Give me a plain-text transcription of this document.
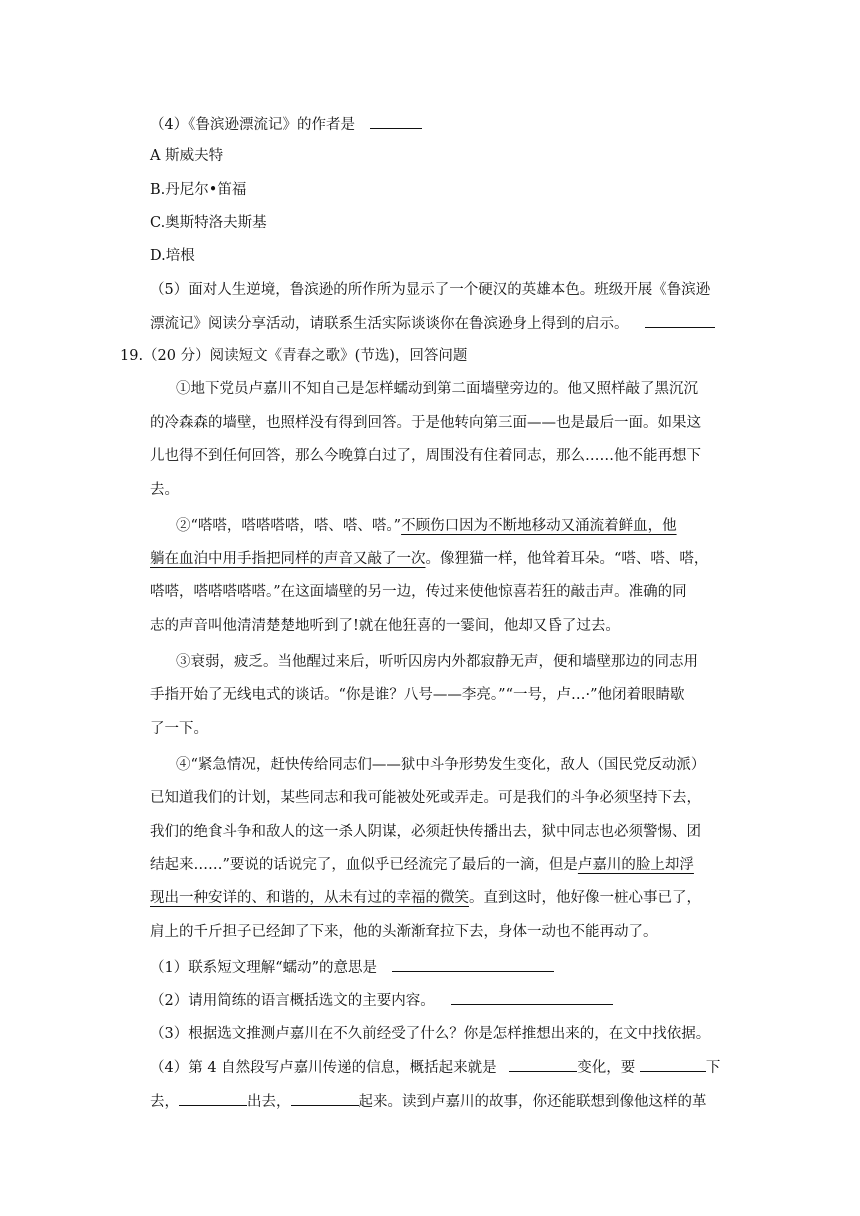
（4）《鲁滨逊漂流记》的作者是
A 斯威夫特
B.丹尼尔•笛福
C.奥斯特洛夫斯基
D.培根
（5）面对人生逆境，鲁滨逊的所作所为显示了一个硬汉的英雄本色。班级开展《鲁滨逊
漂流记》阅读分享活动，请联系生活实际谈谈你在鲁滨逊身上得到的启示。
19.（20 分）阅读短文《青春之歌》(节选)，回答问题
①地下党员卢嘉川不知自己是怎样蠕动到第二面墙壁旁边的。他又照样敲了黑沉沉
的冷森森的墙壁，也照样没有得到回答。于是他转向第三面——也是最后一面。如果这
儿也得不到任何回答，那么今晚算白过了，周围没有住着同志，那么……他不能再想下
去。
②“嗒嗒，嗒嗒嗒嗒，嗒、嗒、嗒。”不顾伤口因为不断地移动又涌流着鲜血，他
躺在血泊中用手指把同样的声音又敲了一次。像狸猫一样，他耸着耳朵。“嗒、嗒、嗒，
嗒嗒，嗒嗒嗒嗒嗒。”在这面墙壁的另一边，传过来使他惊喜若狂的敲击声。准确的同
志的声音叫他清清楚楚地听到了!就在他狂喜的一霎间，他却又昏了过去。
③衰弱，疲乏。当他醒过来后，听听囚房内外都寂静无声，便和墙壁那边的同志用
手指开始了无线电式的谈话。“你是谁？八号——李亮。”“一号，卢…·”他闭着眼睛歇
了一下。
④“紧急情况，赶快传给同志们——狱中斗争形势发生变化，敌人（国民党反动派）
已知道我们的计划，某些同志和我可能被处死或弄走。可是我们的斗争必须坚持下去，
我们的绝食斗争和敌人的这一杀人阴谋，必须赶快传播出去，狱中同志也必须警惕、团
结起来……”要说的话说完了，血似乎已经流完了最后的一滴，但是卢嘉川的脸上却浮
现出一种安详的、和谐的，从未有过的幸福的微笑。直到这时，他好像一桩心事已了，
肩上的千斤担子已经卸了下来，他的头渐渐耷拉下去，身体一动也不能再动了。
（1）联系短文理解“蠕动”的意思是
（2）请用简练的语言概括选文的主要内容。
（3）根据选文推测卢嘉川在不久前经受了什么？你是怎样推想出来的，在文中找依据。
（4）第 4 自然段写卢嘉川传递的信息，概括起来就是	变化，要	下
去，	出去，	起来。读到卢嘉川的故事，你还能联想到像他这样的革
